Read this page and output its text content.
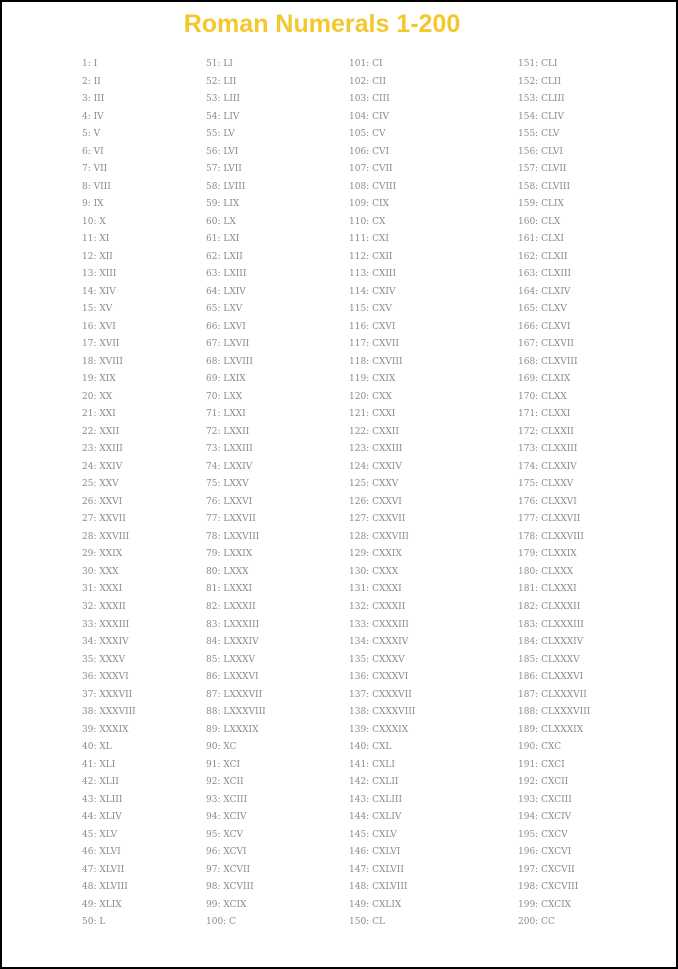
Roman Numerals 1-200
1: I
2: II
3: III
4: IV
5: V
6: VI
7: VII
8: VIII
9: IX
10: X
11: XI
12: XII
13: XIII
14: XIV
15: XV
16: XVI
17: XVII
18: XVIII
19: XIX
20: XX
21: XXI
22: XXII
23: XXIII
24: XXIV
25: XXV
26: XXVI
27: XXVII
28: XXVIII
29: XXIX
30: XXX
31: XXXI
32: XXXII
33: XXXIII
34: XXXIV
35: XXXV
36: XXXVI
37: XXXVII
38: XXXVIII
39: XXXIX
40: XL
41: XLI
42: XLII
43: XLIII
44: XLIV
45: XLV
46: XLVI
47: XLVII
48: XLVIII
49: XLIX
50: L
51: LI
52: LII
53: LIII
54: LIV
55: LV
56: LVI
57: LVII
58: LVIII
59: LIX
60: LX
61: LXI
62: LXII
63: LXIII
64: LXIV
65: LXV
66: LXVI
67: LXVII
68: LXVIII
69: LXIX
70: LXX
71: LXXI
72: LXXII
73: LXXIII
74: LXXIV
75: LXXV
76: LXXVI
77: LXXVII
78: LXXVIII
79: LXXIX
80: LXXX
81: LXXXI
82: LXXXII
83: LXXXIII
84: LXXXIV
85: LXXXV
86: LXXXVI
87: LXXXVII
88: LXXXVIII
89: LXXXIX
90: XC
91: XCI
92: XCII
93: XCIII
94: XCIV
95: XCV
96: XCVI
97: XCVII
98: XCVIII
99: XCIX
100: C
101: CI
102: CII
103: CIII
104: CIV
105: CV
106: CVI
107: CVII
108: CVIII
109: CIX
110: CX
111: CXI
112: CXII
113: CXIII
114: CXIV
115: CXV
116: CXVI
117: CXVII
118: CXVIII
119: CXIX
120: CXX
121: CXXI
122: CXXII
123: CXXIII
124: CXXIV
125: CXXV
126: CXXVI
127: CXXVII
128: CXXVIII
129: CXXIX
130: CXXX
131: CXXXI
132: CXXXII
133: CXXXIII
134: CXXXIV
135: CXXXV
136: CXXXVI
137: CXXXVII
138: CXXXVIII
139: CXXXIX
140: CXL
141: CXLI
142: CXLII
143: CXLIII
144: CXLIV
145: CXLV
146: CXLVI
147: CXLVII
148: CXLVIII
149: CXLIX
150: CL
151: CLI
152: CLII
153: CLIII
154: CLIV
155: CLV
156: CLVI
157: CLVII
158: CLVIII
159: CLIX
160: CLX
161: CLXI
162: CLXII
163: CLXIII
164: CLXIV
165: CLXV
166: CLXVI
167: CLXVII
168: CLXVIII
169: CLXIX
170: CLXX
171: CLXXI
172: CLXXII
173: CLXXIII
174: CLXXIV
175: CLXXV
176: CLXXVI
177: CLXXVII
178: CLXXVIII
179: CLXXIX
180: CLXXX
181: CLXXXI
182: CLXXXII
183: CLXXXIII
184: CLXXXIV
185: CLXXXV
186: CLXXXVI
187: CLXXXVII
188: CLXXXVIII
189: CLXXXIX
190: CXC
191: CXCI
192: CXCII
193: CXCIII
194: CXCIV
195: CXCV
196: CXCVI
197: CXCVII
198: CXCVIII
199: CXCIX
200: CC
